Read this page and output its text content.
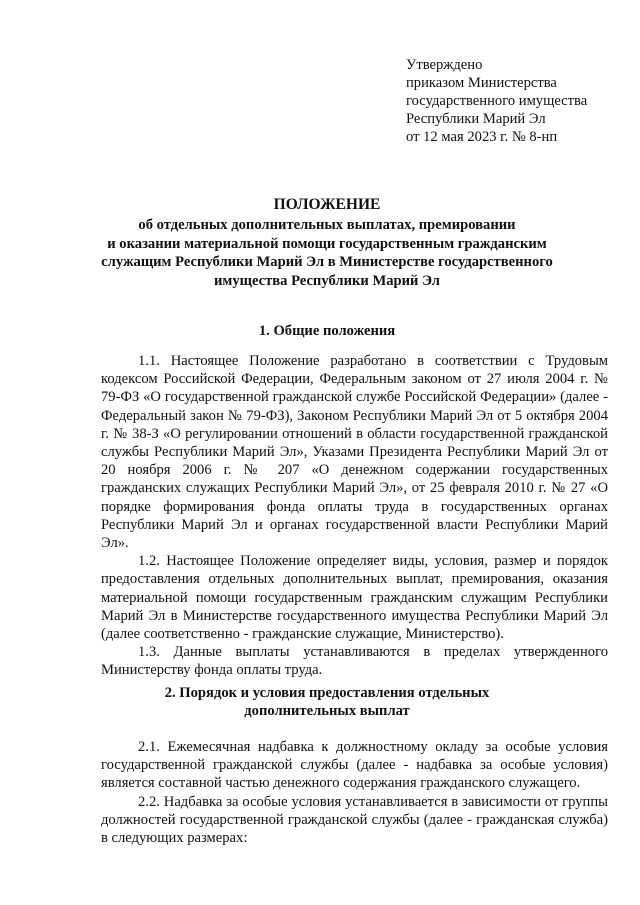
Утверждено
приказом Министерства
государственного имущества
Республики Марий Эл
от 12 мая 2023 г. № 8-нп
ПОЛОЖЕНИЕ
об отдельных дополнительных выплатах, премировании
и оказании материальной помощи государственным гражданским
служащим Республики Марий Эл в Министерстве государственного
имущества Республики Марий Эл
1. Общие положения

1.1. Настоящее Положение разработано в соответствии с Трудовым кодексом Российской Федерации, Федеральным законом от 27 июля 2004 г. № 79-ФЗ «О государственной гражданской службе Российской Федерации» (далее - Федеральный закон № 79-ФЗ), Законом Республики Марий Эл от 5 октября 2004 г. № 38-З «О регулировании отношений в области государственной гражданской службы Республики Марий Эл», Указами Президента Республики Марий Эл от 20 ноября 2006 г. № 207 «О денежном содержании государственных гражданских служащих Республики Марий Эл», от 25 февраля 2010 г. № 27 «О порядке формирования фонда оплаты труда в государственных органах Республики Марий Эл и органах государственной власти Республики Марий Эл».

1.2. Настоящее Положение определяет виды, условия, размер и порядок предоставления отдельных дополнительных выплат, премирования, оказания материальной помощи государственным гражданским служащим Республики Марий Эл в Министерстве государственного имущества Республики Марий Эл (далее соответственно - гражданские служащие, Министерство).

1.3. Данные выплаты устанавливаются в пределах утвержденного Министерству фонда оплаты труда.

2. Порядок и условия предоставления отдельных
дополнительных выплат

2.1. Ежемесячная надбавка к должностному окладу за особые условия государственной гражданской службы (далее - надбавка за особые условия) является составной частью денежного содержания гражданского служащего.

2.2. Надбавка за особые условия устанавливается в зависимости от группы должностей государственной гражданской службы (далее - гражданская служба) в следующих размерах:
